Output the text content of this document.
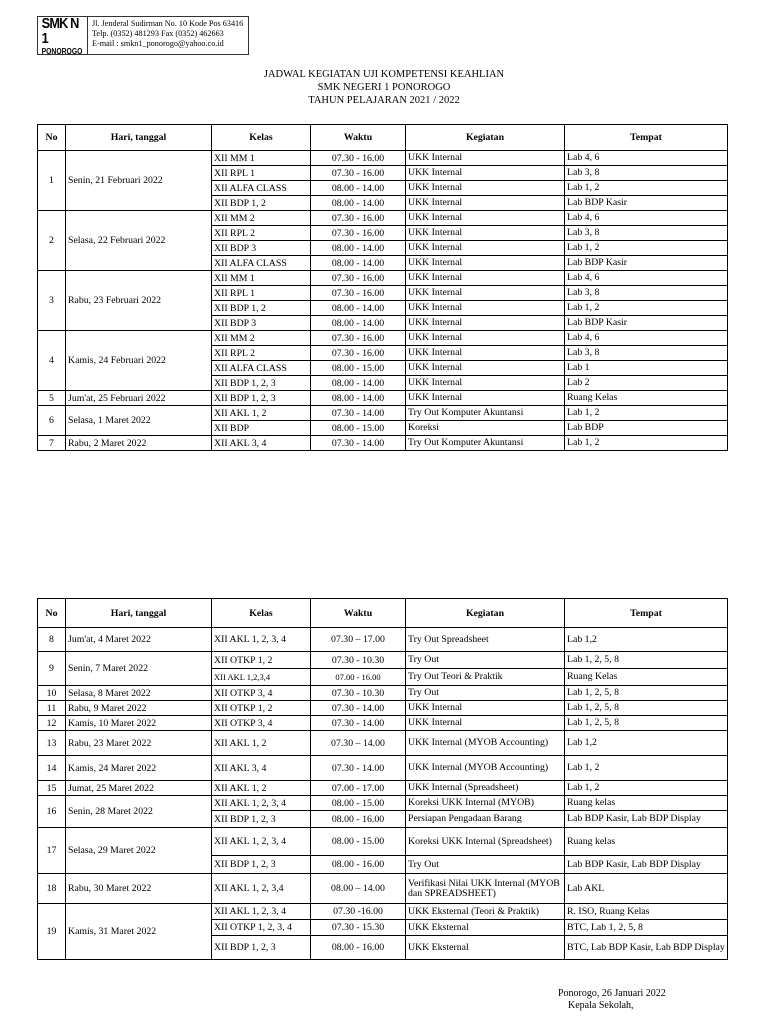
SMK N 1
PONOROGO
Jl. Jenderal Sudirman No. 10 Kode Pos 63416
Telp. (0352) 481293 Fax (0352) 462663
E-mail : smkn1_ponorogo@yahoo.co.id
JADWAL KEGIATAN UJI KOMPETENSI KEAHLIAN
SMK NEGERI 1 PONOROGO
TAHUN PELAJARAN 2021 / 2022
No	Hari, tanggal	Kelas	Waktu	Kegiatan	Tempat
1	Senin, 21 Februari 2022	XII MM 1	07.30 - 16.00	UKK Internal	Lab 4, 6
		XII RPL 1	07.30 - 16.00	UKK Internal	Lab 3, 8
		XII ALFA CLASS	08.00 - 14.00	UKK Internal	Lab 1, 2
		XII BDP 1, 2	08.00 - 14.00	UKK Internal	Lab BDP Kasir
2	Selasa, 22 Februari 2022	XII MM 2	07.30 - 16.00	UKK Internal	Lab 4, 6
		XII RPL 2	07.30 - 16.00	UKK Internal	Lab 3, 8
		XII BDP 3	08.00 - 14.00	UKK Internal	Lab 1, 2
		XII ALFA CLASS	08.00 - 14.00	UKK Internal	Lab BDP Kasir
3	Rabu, 23 Februari 2022	XII MM 1	07.30 - 16.00	UKK Internal	Lab 4, 6
		XII RPL 1	07.30 - 16.00	UKK Internal	Lab 3, 8
		XII BDP 1, 2	08.00 - 14.00	UKK Internal	Lab 1, 2
		XII BDP 3	08.00 - 14.00	UKK Internal	Lab BDP Kasir
4	Kamis, 24 Februari 2022	XII MM 2	07.30 - 16.00	UKK Internal	Lab 4, 6
		XII RPL 2	07.30 - 16.00	UKK Internal	Lab 3, 8
		XII ALFA CLASS	08.00 - 15.00	UKK Internal	Lab 1
		XII BDP 1, 2, 3	08.00 - 14.00	UKK Internal	Lab 2
5	Jum'at, 25 Februari 2022	XII BDP 1, 2, 3	08.00 - 14.00	UKK Internal	Ruang Kelas
6	Selasa, 1 Maret 2022	XII AKL 1, 2	07.30 - 14.00	Try Out Komputer Akuntansi	Lab 1, 2
		XII BDP	08.00 - 15.00	Koreksi	Lab BDP
7	Rabu, 2 Maret 2022	XII AKL 3, 4	07.30 - 14.00	Try Out Komputer Akuntansi	Lab 1, 2
No	Hari, tanggal	Kelas	Waktu	Kegiatan	Tempat
8	Jum'at, 4 Maret 2022	XII AKL 1, 2, 3, 4	07.30 – 17.00	Try Out Spreadsheet	Lab 1,2
9	Senin, 7 Maret 2022	XII OTKP 1, 2	07.30 - 10.30	Try Out	Lab 1, 2, 5, 8
		XII AKL 1,2,3,4	07.00 - 16.00	Try Out Teori & Praktik	Ruang Kelas
10	Selasa, 8 Maret 2022	XII OTKP 3, 4	07.30 - 10.30	Try Out	Lab 1, 2, 5, 8
11	Rabu, 9 Maret 2022	XII OTKP 1, 2	07.30 - 14.00	UKK Internal	Lab 1, 2, 5, 8
12	Kamis, 10 Maret 2022	XII OTKP 3, 4	07.30 - 14.00	UKK Internal	Lab 1, 2, 5, 8
13	Rabu, 23 Maret 2022	XII AKL 1, 2	07.30 – 14.00	UKK Internal (MYOB Accounting)	Lab 1,2
14	Kamis, 24 Maret 2022	XII AKL 3, 4	07.30 - 14.00	UKK Internal (MYOB Accounting)	Lab 1, 2
15	Jumat, 25 Maret 2022	XII AKL 1, 2	07.00 - 17.00	UKK Internal (Spreadsheet)	Lab 1, 2
16	Senin, 28 Maret 2022	XII AKL 1, 2, 3, 4	08.00 - 15.00	Koreksi UKK Internal (MYOB)	Ruang kelas
		XII BDP 1, 2, 3	08.00 - 16.00	Persiapan Pengadaan Barang	Lab BDP Kasir, Lab BDP Display
17	Selasa, 29 Maret 2022	XII AKL 1, 2, 3, 4	08.00 - 15.00	Koreksi UKK Internal (Spreadsheet)	Ruang kelas
		XII BDP 1, 2, 3	08.00 - 16.00	Try Out	Lab BDP Kasir, Lab BDP Display
18	Rabu, 30 Maret 2022	XII AKL 1, 2, 3,4	08.00 – 14.00	Verifikasi Nilai UKK Internal (MYOB dan SPREADSHEET)	Lab AKL
19	Kamis, 31 Maret 2022	XII AKL 1, 2, 3, 4	07.30 -16.00	UKK Eksternal (Teori & Praktik)	R. ISO, Ruang Kelas
		XII OTKP 1, 2, 3, 4	07.30 - 15.30	UKK Eksternal	BTC, Lab 1, 2, 5, 8
		XII BDP 1, 2, 3	08.00 - 16.00	UKK Eksternal	BTC, Lab BDP Kasir, Lab BDP Display
Ponorogo, 26 Januari 2022
Kepala Sekolah,
